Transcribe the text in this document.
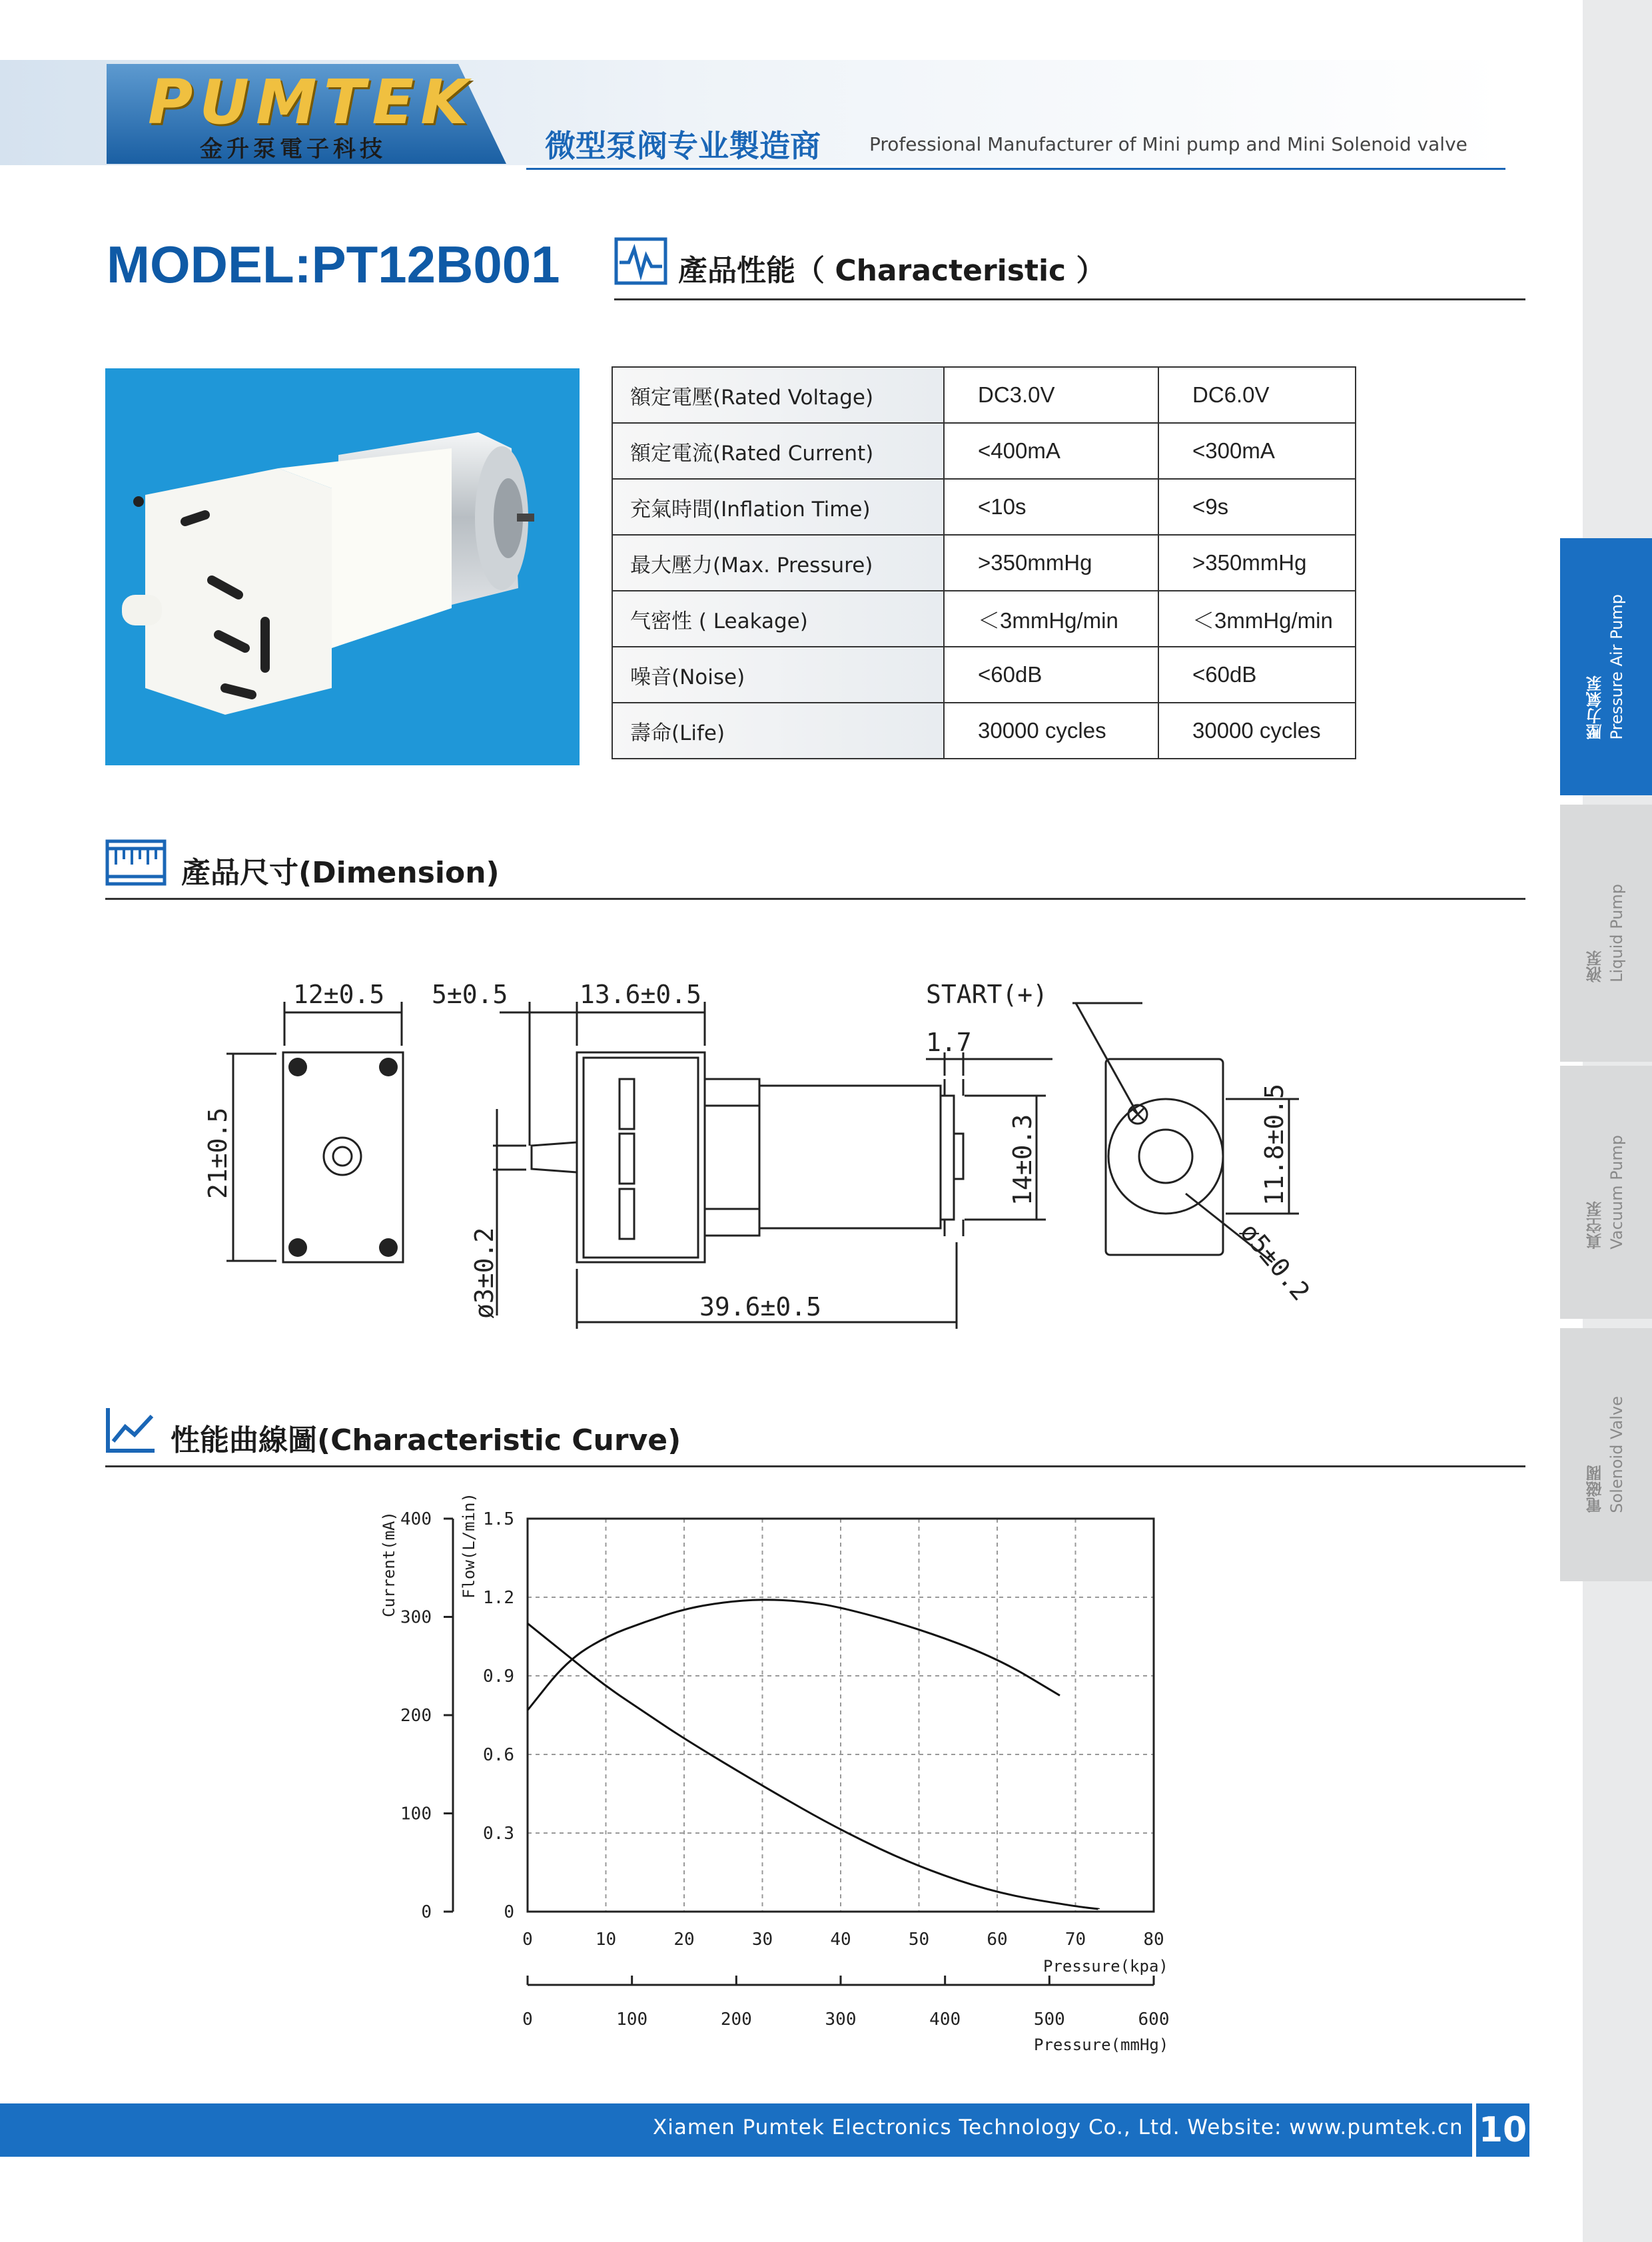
PUMTEK
金升泵電子科技	微型泵阀专业製造商	Professional Manufacturer of Mini pump and Mini Solenoid valve
壓力氣泵 Pressure Air Pump
液泵 Liquid Pump
真空泵 Vacuum Pump
電磁閥 Solenoid Valve
MODEL:PT12B001	產品性能（ Characteristic ）
額定電壓(Rated Voltage)	DC3.0V	DC6.0V
額定電流(Rated Current)	<400mA	<300mA
充氣時間(Inflation Time)	<10s	<9s
最大壓力(Max. Pressure)	>350mmHg	>350mmHg
气密性 ( Leakage)	＜3mmHg/min	＜3mmHg/min
噪音(Noise)	<60dB	<60dB
壽命(Life)	30000 cycles	30000 cycles
產品尺寸(Dimension)
12±0.5 5±0.5	13.6±0.5
1.7
START(+)
39.6±0.5
21±0.5
ø3±0.2
14±0.3	11.8±0.5
ø5±0.2
性能曲線圖(Characteristic Curve)
0	10	20	30	40	50	60	70	80
0
0.3
0.6
0.9
1.2
1.5
0
100
200
300
400
0	100	200	300	400	500	600
Current(mA)	Flow(L/min)
Pressure(kpa)
Pressure(mmHg)
Xiamen Pumtek Electronics Technology Co., Ltd. Website: www.pumtek.cn 10
